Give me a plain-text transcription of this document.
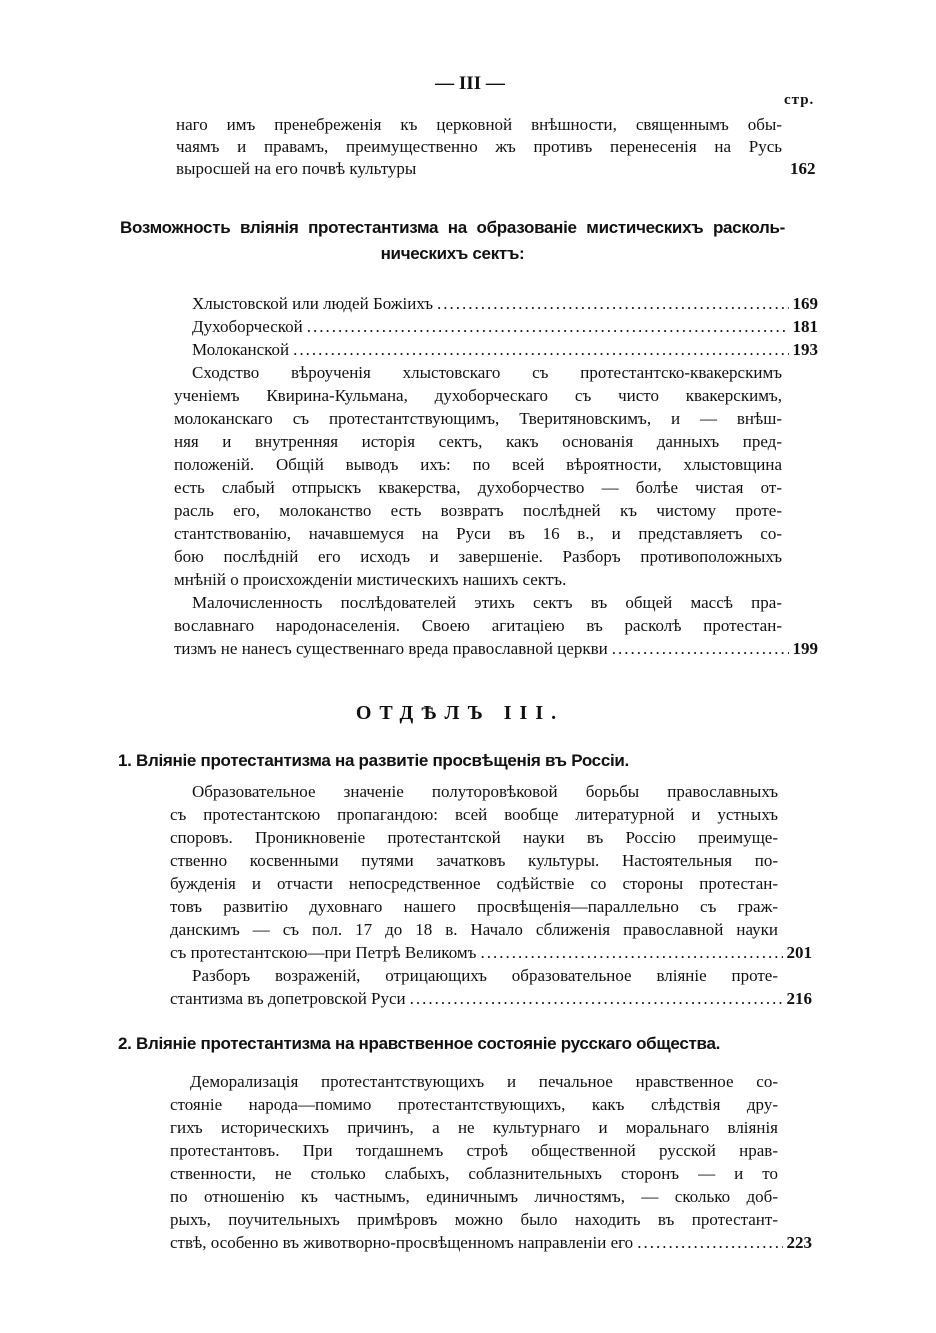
— III —
стр.
наго имъ пренебреженія къ церковной внѣшности, священнымъ обы-
чаямъ и правамъ, преимущественно жъ противъ перенесенія на Русь
выросшей на его почвѣ культуры	162
Возможность вліянія протестантизма на образованіе мистическихъ расколь-
ническихъ сектъ:
Хлыстовской или людей Божіихъ .....	169
Духоборческой .....	181
Молоканской .....	193
Сходство вѣроученія хлыстовскаго съ протестантско-квакерскимъ
ученіемъ Квирина-Кульмана, духоборческаго съ чисто квакерскимъ,
молоканскаго съ протестантствующимъ, Тверитяновскимъ, и — внѣш-
няя и внутренняя исторія сектъ, какъ основанія данныхъ пред-
положеній. Общій выводъ ихъ: по всей вѣроятности, хлыстовщина
есть слабый отпрыскъ квакерства, духоборчество — болѣе чистая от-
расль его, молоканство есть возвратъ послѣдней къ чистому проте-
стантствованію, начавшемуся на Руси въ 16 в., и представляетъ со-
бою послѣдній его исходъ и завершеніе. Разборъ противоположныхъ
мнѣній о происхожденіи мистическихъ нашихъ сектъ.
Малочисленность послѣдователей этихъ сектъ въ общей массѣ пра-
вославнаго народонаселенія. Своею агитаціею въ расколѣ протестан-
тизмъ не нанесъ существеннаго вреда православной церкви .....	199
ОТДѢЛЪ III.
1. Вліяніе протестантизма на развитіе просвѣщенія въ Россіи.
Образовательное значеніе полуторовѣковой борьбы православныхъ
съ протестантскою пропагандою: всей вообще литературной и устныхъ
споровъ. Проникновеніе протестантской науки въ Россію преимуще-
ственно косвенными путями зачатковъ культуры. Настоятельныя по-
бужденія и отчасти непосредственное содѣйствіе со стороны протестан-
товъ развитію духовнаго нашего просвѣщенія—параллельно съ граж-
данскимъ — съ пол. 17 до 18 в. Начало сближенія православной науки
съ протестантскою—при Петрѣ Великомъ .....	201
Разборъ возраженій, отрицающихъ образовательное вліяніе проте-
стантизма въ допетровской Руси .....	216
2. Вліяніе протестантизма на нравственное состояніе русскаго общества.
Деморализація протестантствующихъ и печальное нравственное со-
стояніе народа—помимо протестантствующихъ, какъ слѣдствія дру-
гихъ историческихъ причинъ, а не культурнаго и моральнаго вліянія
протестантовъ. При тогдашнемъ строѣ общественной русской нрав-
ственности, не столько слабыхъ, соблазнительныхъ сторонъ — и то
по отношенію къ частнымъ, единичнымъ личностямъ, — сколько доб-
рыхъ, поучительныхъ примѣровъ можно было находить въ протестант-
ствѣ, особенно въ животворно-просвѣщенномъ направленіи его .....	223
